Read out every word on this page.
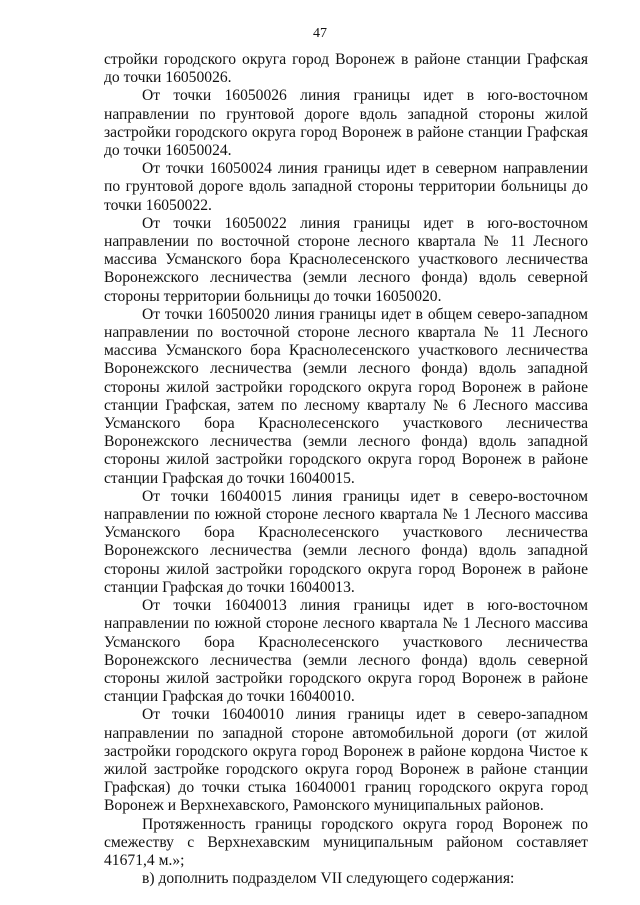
47

стройки городского округа город Воронеж в районе станции Графская до точки 16050026.

От точки 16050026 линия границы идет в юго-восточном направлении по грунтовой дороге вдоль западной стороны жилой застройки городского округа город Воронеж в районе станции Графская до точки 16050024.

От точки 16050024 линия границы идет в северном направлении по грунтовой дороге вдоль западной стороны территории больницы до точки 16050022.

От точки 16050022 линия границы идет в юго-восточном направлении по восточной стороне лесного квартала № 11 Лесного массива Усманского бора Краснолесенского участкового лесничества Воронежского лесничества (земли лесного фонда) вдоль северной стороны территории больницы до точки 16050020.

От точки 16050020 линия границы идет в общем северо-западном направлении по восточной стороне лесного квартала № 11 Лесного массива Усманского бора Краснолесенского участкового лесничества Воронежского лесничества (земли лесного фонда) вдоль западной стороны жилой застройки городского округа город Воронеж в районе станции Графская, затем по лесному кварталу № 6 Лесного массива Усманского бора Краснолесенского участкового лесничества Воронежского лесничества (земли лесного фонда) вдоль западной стороны жилой застройки городского округа город Воронеж в районе станции Графская до точки 16040015.

От точки 16040015 линия границы идет в северо-восточном направлении по южной стороне лесного квартала № 1 Лесного массива Усманского бора Краснолесенского участкового лесничества Воронежского лесничества (земли лесного фонда) вдоль западной стороны жилой застройки городского округа город Воронеж в районе станции Графская до точки 16040013.

От точки 16040013 линия границы идет в юго-восточном направлении по южной стороне лесного квартала № 1 Лесного массива Усманского бора Краснолесенского участкового лесничества Воронежского лесничества (земли лесного фонда) вдоль северной стороны жилой застройки городского округа город Воронеж в районе станции Графская до точки 16040010.

От точки 16040010 линия границы идет в северо-западном направлении по западной стороне автомобильной дороги (от жилой застройки городского округа город Воронеж в районе кордона Чистое к жилой застройке городского округа город Воронеж в районе станции Графская) до точки стыка 16040001 границ городского округа город Воронеж и Верхнехавского, Рамонского муниципальных районов.

Протяженность границы городского округа город Воронеж по смежеству с Верхнехавским муниципальным районом составляет 41671,4 м.»;

в) дополнить подразделом VII следующего содержания:
